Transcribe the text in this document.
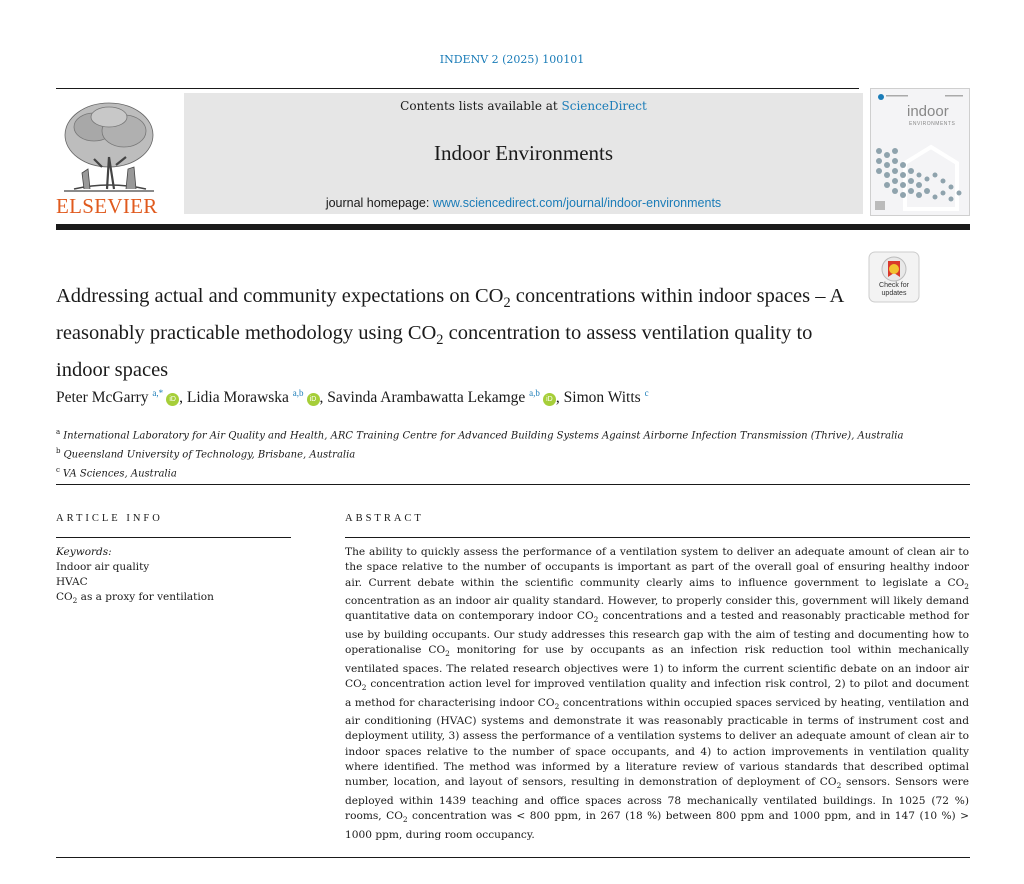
INDENV 2 (2025) 100101
ELSEVIER
Contents lists available at ScienceDirect
Indoor Environments
journal homepage: www.sciencedirect.com/journal/indoor-environments
indoor
ENVIRONMENTS
Check for
updates
Addressing actual and community expectations on $CO_2$ concentrations within indoor spaces – A reasonably practicable methodology using $CO_2$ concentration to assess ventilation quality to indoor spaces
Peter McGarry $^{a,*}$iD , Lidia Morawska $^{a,b}$iD , Savinda Arambawatta Lekamge $^{a,b}$iD , Simon Witts $^c$
$^a$ International Laboratory for Air Quality and Health, ARC Training Centre for Advanced Building Systems Against Airborne Infection Transmission (Thrive), Australia
$^b$ Queensland University of Technology, Brisbane, Australia
$^c$ VA Sciences, Australia
ARTICLE INFO	ABSTRACT
Keywords:
Indoor air quality
HVAC
$CO_2$ as a proxy for ventilation

The ability to quickly assess the performance of a ventilation system to deliver an adequate amount of clean air to the space relative to the number of occupants is important as part of the overall goal of ensuring healthy indoor air. Current debate within the scientific community clearly aims to influence government to legislate a $CO_2$ concentration as an indoor air quality standard. However, to properly consider this, government will likely demand quantitative data on contemporary indoor $CO_2$ concentrations and a tested and reasonably practicable method for use by building occupants. Our study addresses this research gap with the aim of testing and documenting how to operationalise $CO_2$ monitoring for use by occupants as an infection risk reduction tool within mechanically ventilated spaces. The related research objectives were 1) to inform the current scientific debate on an indoor air $CO_2$ concentration action level for improved ventilation quality and infection risk control, 2) to pilot and document a method for characterising indoor $CO_2$ concentrations within occupied spaces serviced by heating, ventilation and air conditioning (HVAC) systems and demonstrate it was reasonably practicable in terms of instrument cost and deployment utility, 3) assess the performance of a ventilation systems to deliver an adequate amount of clean air to indoor spaces relative to the number of space occupants, and 4) to action improvements in ventilation quality where identified. The method was informed by a literature review of various standards that described optimal number, location, and layout of sensors, resulting in demonstration of deployment of $CO_2$ sensors. Sensors were deployed within 1439 teaching and office spaces across 78 mechanically ventilated buildings. In 1025 (72 %) rooms, $CO_2$ concentration was < 800 ppm, in 267 (18 %) between 800 ppm and 1000 ppm, and in 147 (10 %) > 1000 ppm, during room occupancy.
